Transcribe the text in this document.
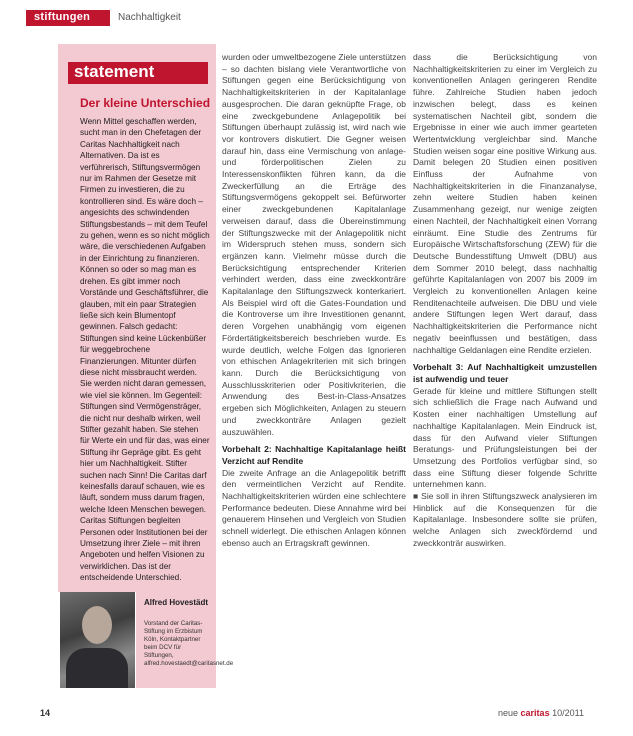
stiftungen	Nachhaltigkeit
statement
Der kleine Unterschied
Wenn Mittel geschaffen werden, sucht man in den Chefetagen der Caritas Nachhaltigkeit nach Alternativen. Da ist es verführerisch, Stiftungsvermögen nur im Rahmen der Gesetze mit Firmen zu investieren, die zu kontrollieren sind. Es wäre doch – angesichts des schwindenden Stiftungsbestands – mit dem Teufel zu gehen, wenn es so nicht möglich wäre, die verschiedenen Aufgaben in der Einrichtung zu finanzieren. Können so oder so mag man es drehen. Es gibt immer noch Vorstände und Geschäftsführer, die glauben, mit ein paar Strategien ließe sich kein Blumentopf gewinnen. Falsch gedacht: Stiftungen sind keine Lückenbüßer für weggebrochene Finanzierungen. Mitunter dürfen diese nicht missbraucht werden. Sie werden nicht daran gemessen, wie viel sie können. Im Gegenteil: Stiftungen sind Vermögensträger, die nicht nur deshalb wirken, weil Stifter gezahlt haben. Sie stehen für Werte ein und für das, was einer Stiftung ihr Gepräge gibt. Es geht hier um Nachhaltigkeit. Stifter suchen nach Sinn! Die Caritas darf keinesfalls darauf schauen, wie es läuft, sondern muss darum fragen, welche Ideen Menschen bewegen. Caritas Stiftungen begleiten Personen oder Institutionen bei der Umsetzung ihrer Ziele – mit ihren Angeboten und helfen Visionen zu verwirklichen. Das ist der entscheidende Unterschied.
Alfred Hovestädt
Vorstand der Caritas-Stiftung im Erzbistum Köln, Kontaktpartner beim DCV für Stiftungen, alfred.hovestaedt@caritasnet.de

wurden oder umweltbezogene Ziele unterstützen – so dachten bislang viele Verantwortliche von Stiftungen gegen eine Berücksichtigung von Nachhaltigkeitskriterien in der Kapitalanlage ausgesprochen. Die daran geknüpfte Frage, ob eine zweckgebundene Anlagepolitik bei Stiftungen überhaupt zulässig ist, wird nach wie vor kontrovers diskutiert. Die Gegner weisen darauf hin, dass eine Vermischung von anlage- und förderpolitischen Zielen zu Interessenskonflikten führen kann, da die Zweckerfüllung an die Erträge des Stiftungsvermögens gekoppelt sei. Befürworter einer zweckgebundenen Kapitalanlage verweisen darauf, dass die Übereinstimmung der Stiftungszwecke mit der Anlagepolitik nicht im Widerspruch stehen muss, sondern sich ergänzen kann. Vielmehr müsse durch die Berücksichtigung entsprechender Kriterien verhindert werden, dass eine zweckkonträre Kapitalanlage den Stiftungszweck konterkariert. Als Beispiel wird oft die Gates-Foundation und die Kontroverse um ihre Investitionen genannt, deren Vorgehen unabhängig vom eigenen Fördertätigkeitsbereich beschrieben wurde. Es wurde deutlich, welche Folgen das Ignorieren von ethischen Anlagekriterien mit sich bringen kann. Durch die Berücksichtigung von Ausschlusskriterien oder Positivkriterien, die Anwendung des Best-in-Class-Ansatzes ergeben sich Möglichkeiten, Anlagen zu steuern und zweckkonträre Anlagen gezielt auszuwählen.

Vorbehalt 2: Nachhaltige Kapitalanlage heißt Verzicht auf Rendite

Die zweite Anfrage an die Anlagepolitik betrifft den vermeintlichen Verzicht auf Rendite. Nachhaltigkeitskriterien würden eine schlechtere Performance bedeuten. Diese Annahme wird bei genauerem Hinsehen und Vergleich von Studien schnell widerlegt. Die ethischen Anlagen können ebenso auch an Ertragskraft gewinnen.

dass die Berücksichtigung von Nachhaltigkeitskriterien zu einer im Vergleich zu konventionellen Anlagen geringeren Rendite führe. Zahlreiche Studien haben jedoch inzwischen belegt, dass es keinen systematischen Nachteil gibt, sondern die Ergebnisse in einer wie auch immer gearteten Wertentwicklung vergleichbar sind. Manche Studien weisen sogar eine positive Wirkung aus. Damit belegen 20 Studien einen positiven Einfluss der Aufnahme von Nachhaltigkeitskriterien in die Finanzanalyse, zehn weitere Studien haben keinen Zusammenhang gezeigt, nur wenige zeigten einen Nachteil, der Nachhaltigkeit einen Vorrang einräumt. Eine Studie des Zentrums für Europäische Wirtschaftsforschung (ZEW) für die Deutsche Bundesstiftung Umwelt (DBU) aus dem Sommer 2010 belegt, dass nachhaltig geführte Kapitalanlagen von 2007 bis 2009 im Vergleich zu konventionellen Anlagen keine Renditenachteile aufweisen. Die DBU und viele andere Stiftungen legen Wert darauf, dass Nachhaltigkeitskriterien die Performance nicht negativ beeinflussen und bestätigen, dass nachhaltige Geldanlagen eine Rendite erzielen.

Vorbehalt 3: Auf Nachhaltigkeit umzustellen ist aufwendig und teuer

Gerade für kleine und mittlere Stiftungen stellt sich schließlich die Frage nach Aufwand und Kosten einer nachhaltigen Umstellung auf nachhaltige Kapitalanlagen. Mein Eindruck ist, dass für den Aufwand vieler Stiftungen Beratungs- und Prüfungsleistungen bei der Umsetzung des Portfolios verfügbar sind, so dass eine Stiftung dieser folgende Schritte unternehmen kann.

■ Sie soll in ihren Stiftungszweck analysieren im Hinblick auf die Konsequenzen für die Kapitalanlage. Insbesondere sollte sie prüfen, welche Anlagen sich zweckfördernd und zweckkonträr auswirken.

14	neue caritas 10/2011
